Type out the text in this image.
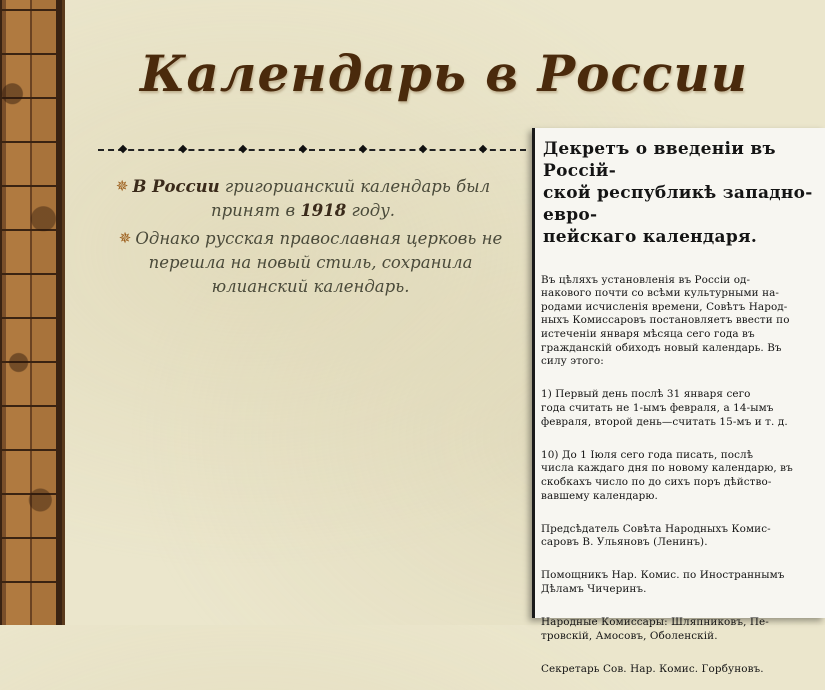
Календарь в России
✵ В России григорианский календарь был принят в 1918 году.
✵ Однако русская православная церковь не перешла на новый стиль, сохранила юлианский календарь.
Декретъ о введенiи въ Россiй-
ской республикѣ западно-евро-
пейскаго календаря.

Въ цѣляхъ установленiя въ Россiи од-
накового почти со всѣми культурными на-
родами исчисленiя времени, Совѣтъ Народ-
ныхъ Комиссаровъ постановляетъ ввести по
истеченiи января мѣсяца сего года въ
гражданскiй обиходъ новый календарь. Въ
силу этого:

1) Первый день послѣ 31 января сего
года считать не 1-ымъ февраля, а 14-ымъ
февраля, второй день—считать 15-мъ и т. д.

10) До 1 Iюля сего года писать, послѣ
числа каждаго дня по новому календарю, въ
скобкахъ число по до сихъ поръ дѣйство-
вавшему календарю.

Предсѣдатель Совѣта Народныхъ Комис-
саровъ В. Ульяновъ (Ленинъ).

Помощникъ Нар. Комис. по Иностраннымъ
Дѣламъ Чичеринъ.

Народные Комиссары: Шляпниковъ, Пе-
тровскiй, Амосовъ, Оболенскiй.

Секретарь Сов. Нар. Комис. Горбуновъ.
